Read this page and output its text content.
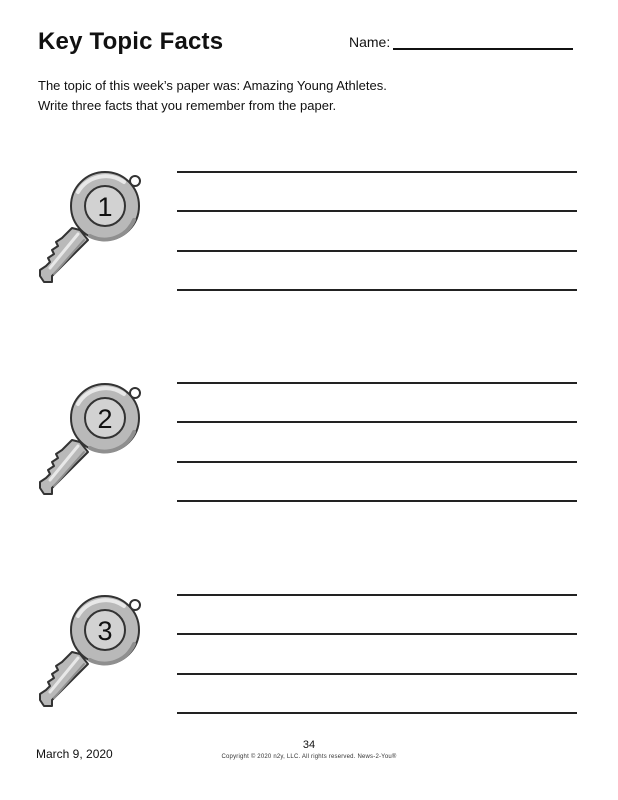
Key Topic Facts	Name:
The topic of this week’s paper was: Amazing Young Athletes.
Write three facts that you remember from the paper.
1
2
3
March 9, 2020
34
Copyright © 2020 n2y, LLC. All rights reserved. News-2-You®
